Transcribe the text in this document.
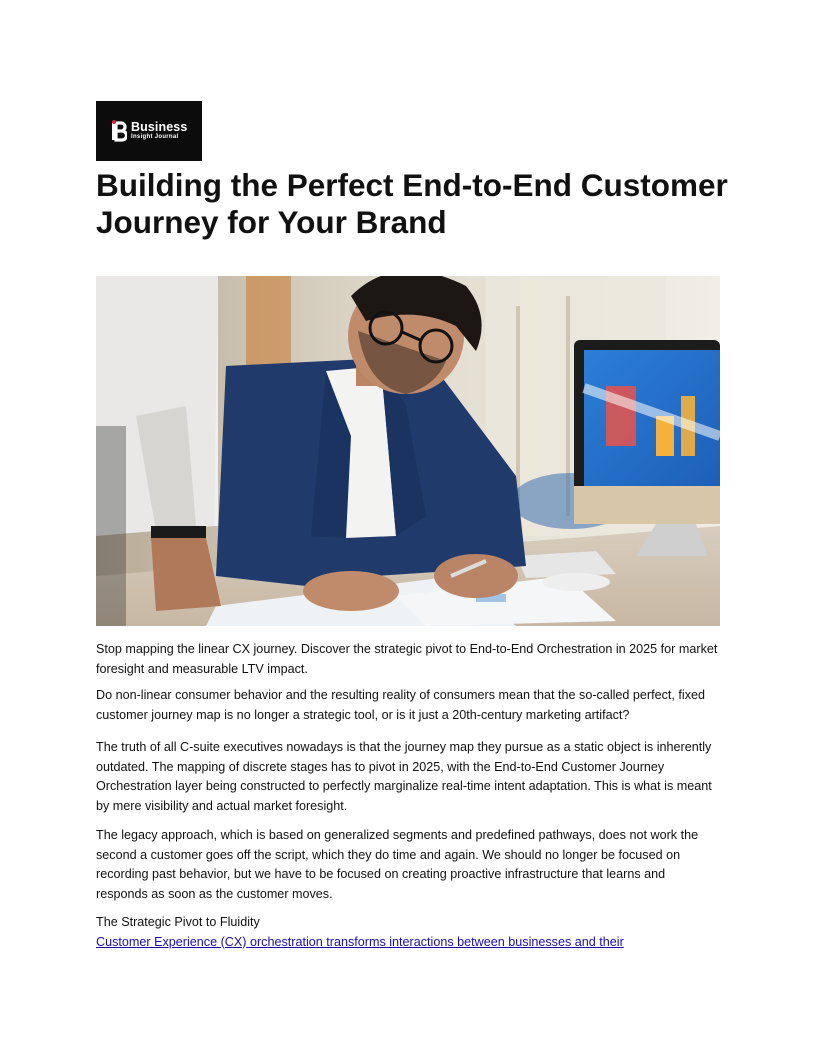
Business
Insight Journal
Building the Perfect End-to-End Customer Journey for Your Brand

Stop mapping the linear CX journey. Discover the strategic pivot to End-to-End Orchestration in 2025 for market foresight and measurable LTV impact.

Do non-linear consumer behavior and the resulting reality of consumers mean that the so-called perfect, fixed customer journey map is no longer a strategic tool, or is it just a 20th-century marketing artifact?

The truth of all C-suite executives nowadays is that the journey map they pursue as a static object is inherently outdated. The mapping of discrete stages has to pivot in 2025, with the End-to-End Customer Journey Orchestration layer being constructed to perfectly marginalize real-time intent adaptation. This is what is meant by mere visibility and actual market foresight.

The legacy approach, which is based on generalized segments and predefined pathways, does not work the second a customer goes off the script, which they do time and again. We should no longer be focused on recording past behavior, but we have to be focused on creating proactive infrastructure that learns and responds as soon as the customer moves.

The Strategic Pivot to Fluidity

Customer Experience (CX) orchestration transforms interactions between businesses and their
